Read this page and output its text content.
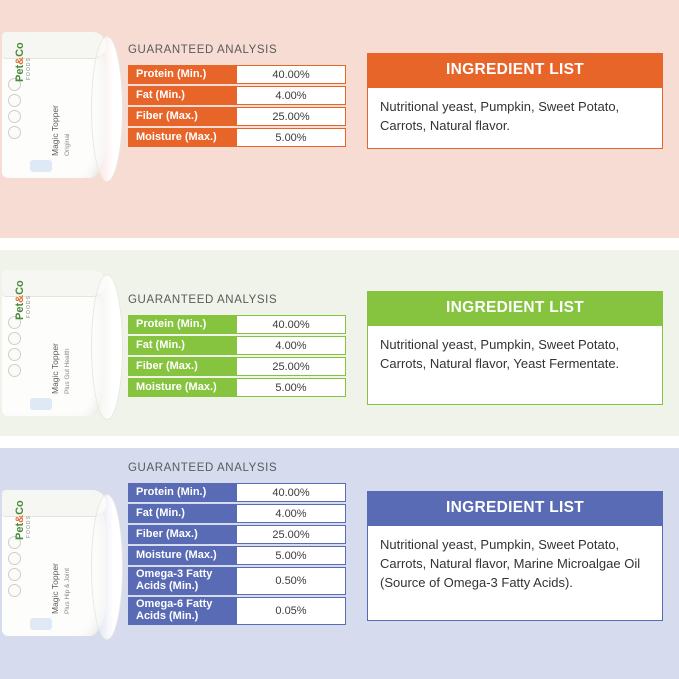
Pet&Co
FOODS
Magic Topper Original
GUARANTEED ANALYSIS
Protein (Min.)	40.00%
Fat (Min.)	4.00%
Fiber (Max.)	25.00%
Moisture (Max.)	5.00%
INGREDIENT LIST
Nutritional yeast, Pumpkin, Sweet Potato, Carrots, Natural flavor.
Pet&Co
FOODS
Magic Topper Plus Gut Health
GUARANTEED ANALYSIS
Protein (Min.)	40.00%
Fat (Min.)	4.00%
Fiber (Max.)	25.00%
Moisture (Max.)	5.00%
INGREDIENT LIST
Nutritional yeast, Pumpkin, Sweet Potato, Carrots, Natural flavor, Yeast Fermentate.
Pet&Co
FOODS
Magic Topper Plus Hip & Joint
GUARANTEED ANALYSIS
Protein (Min.)	40.00%
Fat (Min.)	4.00%
Fiber (Max.)	25.00%
Moisture (Max.)	5.00%
Omega-3 Fatty Acids (Min.)	0.50%
Omega-6 Fatty Acids (Min.)	0.05%
INGREDIENT LIST
Nutritional yeast, Pumpkin, Sweet Potato, Carrots, Natural flavor, Marine Microalgae Oil (Source of Omega-3 Fatty Acids).
